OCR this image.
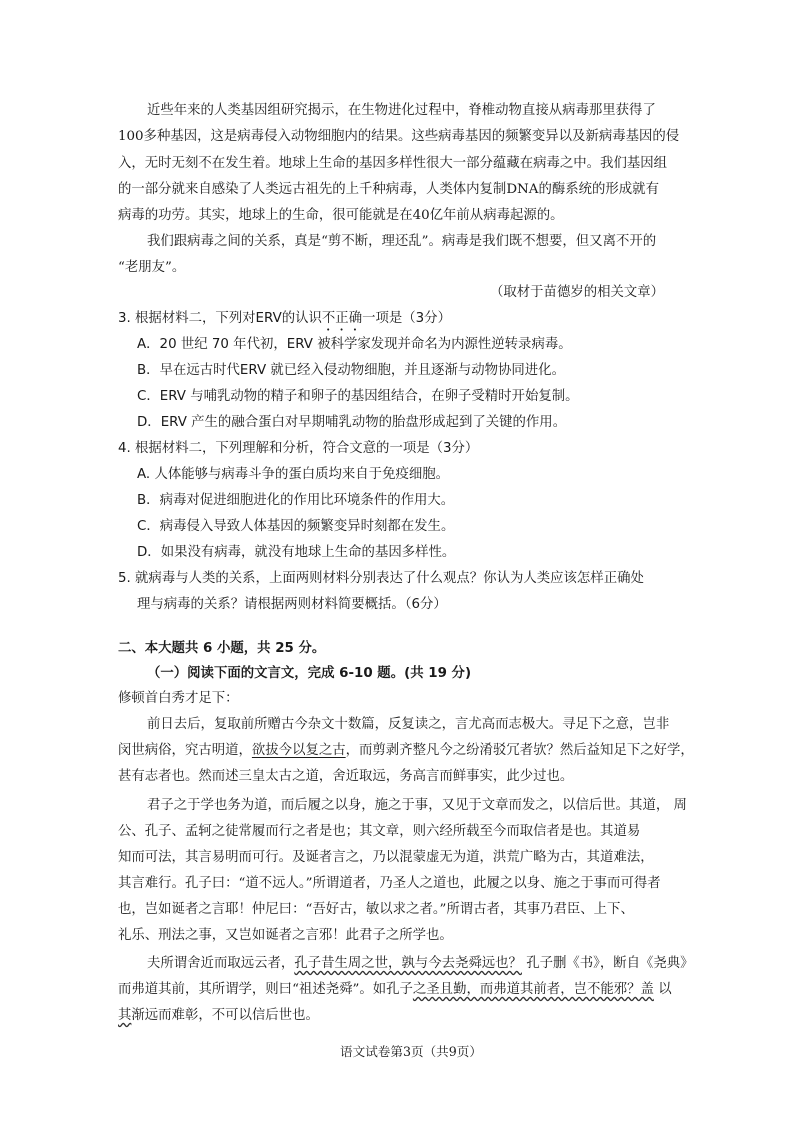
近些年来的人类基因组研究揭示，在生物进化过程中，脊椎动物直接从病毒那里获得了
100多种基因，这是病毒侵入动物细胞内的结果。这些病毒基因的频繁变异以及新病毒基因的侵
入，无时无刻不在发生着。地球上生命的基因多样性很大一部分蕴藏在病毒之中。我们基因组
的一部分就来自感染了人类远古祖先的上千种病毒，人类体内复制DNA的酶系统的形成就有
病毒的功劳。其实，地球上的生命，很可能就是在40亿年前从病毒起源的。
我们跟病毒之间的关系，真是“剪不断，理还乱”。病毒是我们既不想要，但又离不开的
“老朋友”。
（取材于苗德岁的相关文章）
3. 根据材料二，下列对ERV的认识不正确一项是（3分）
A．20 世纪 70 年代初，ERV 被科学家发现并命名为内源性逆转录病毒。
B．早在远古时代ERV 就已经入侵动物细胞，并且逐渐与动物协同进化。
C．ERV 与哺乳动物的精子和卵子的基因组结合，在卵子受精时开始复制。
D．ERV 产生的融合蛋白对早期哺乳动物的胎盘形成起到了关键的作用。
4. 根据材料二，下列理解和分析，符合文意的一项是（3分）
A. 人体能够与病毒斗争的蛋白质均来自于免疫细胞。
B．病毒对促进细胞进化的作用比环境条件的作用大。
C．病毒侵入导致人体基因的频繁变异时刻都在发生。
D．如果没有病毒，就没有地球上生命的基因多样性。
5. 就病毒与人类的关系，上面两则材料分别表达了什么观点？你认为人类应该怎样正确处
理与病毒的关系？请根据两则材料简要概括。（6分）
二、本大题共 6 小题，共 25 分。
（一）阅读下面的文言文，完成 6-10 题。(共 19 分)
修顿首白秀才足下：
前日去后，复取前所赠古今杂文十数篇，反复读之，言尤高而志极大。寻足下之意，岂非
闵世病俗，究古明道，欲拔今以复之古，而剪剥齐整凡今之纷淆驳冗者欤？然后益知足下之好学，
甚有志者也。然而述三皇太古之道，舍近取远，务高言而鲜事实，此少过也。
君子之于学也务为道，而后履之以身，施之于事，又见于文章而发之，以信后世。其道， 周
公、孔子、孟轲之徒常履而行之者是也；其文章，则六经所载至今而取信者是也。其道易
知而可法，其言易明而可行。及诞者言之，乃以混蒙虚无为道，洪荒广略为古，其道难法，
其言难行。孔子曰：“道不远人。”所谓道者，乃圣人之道也，此履之以身、施之于事而可得者
也，岂如诞者之言耶！仲尼曰：“吾好古，敏以求之者。”所谓古者，其事乃君臣、上下、
礼乐、刑法之事，又岂如诞者之言邪！此君子之所学也。
夫所谓舍近而取远云者，孔子昔生周之世，孰与今去尧舜远也？ 孔子删《书》，断自《尧典》
而弗道其前，其所谓学，则曰“祖述尧舜”。如孔子之圣且勤，而弗道其前者，岂不能邪？盖 以
其渐远而难彰，不可以信后世也。
语文试卷第3页（共9页）
